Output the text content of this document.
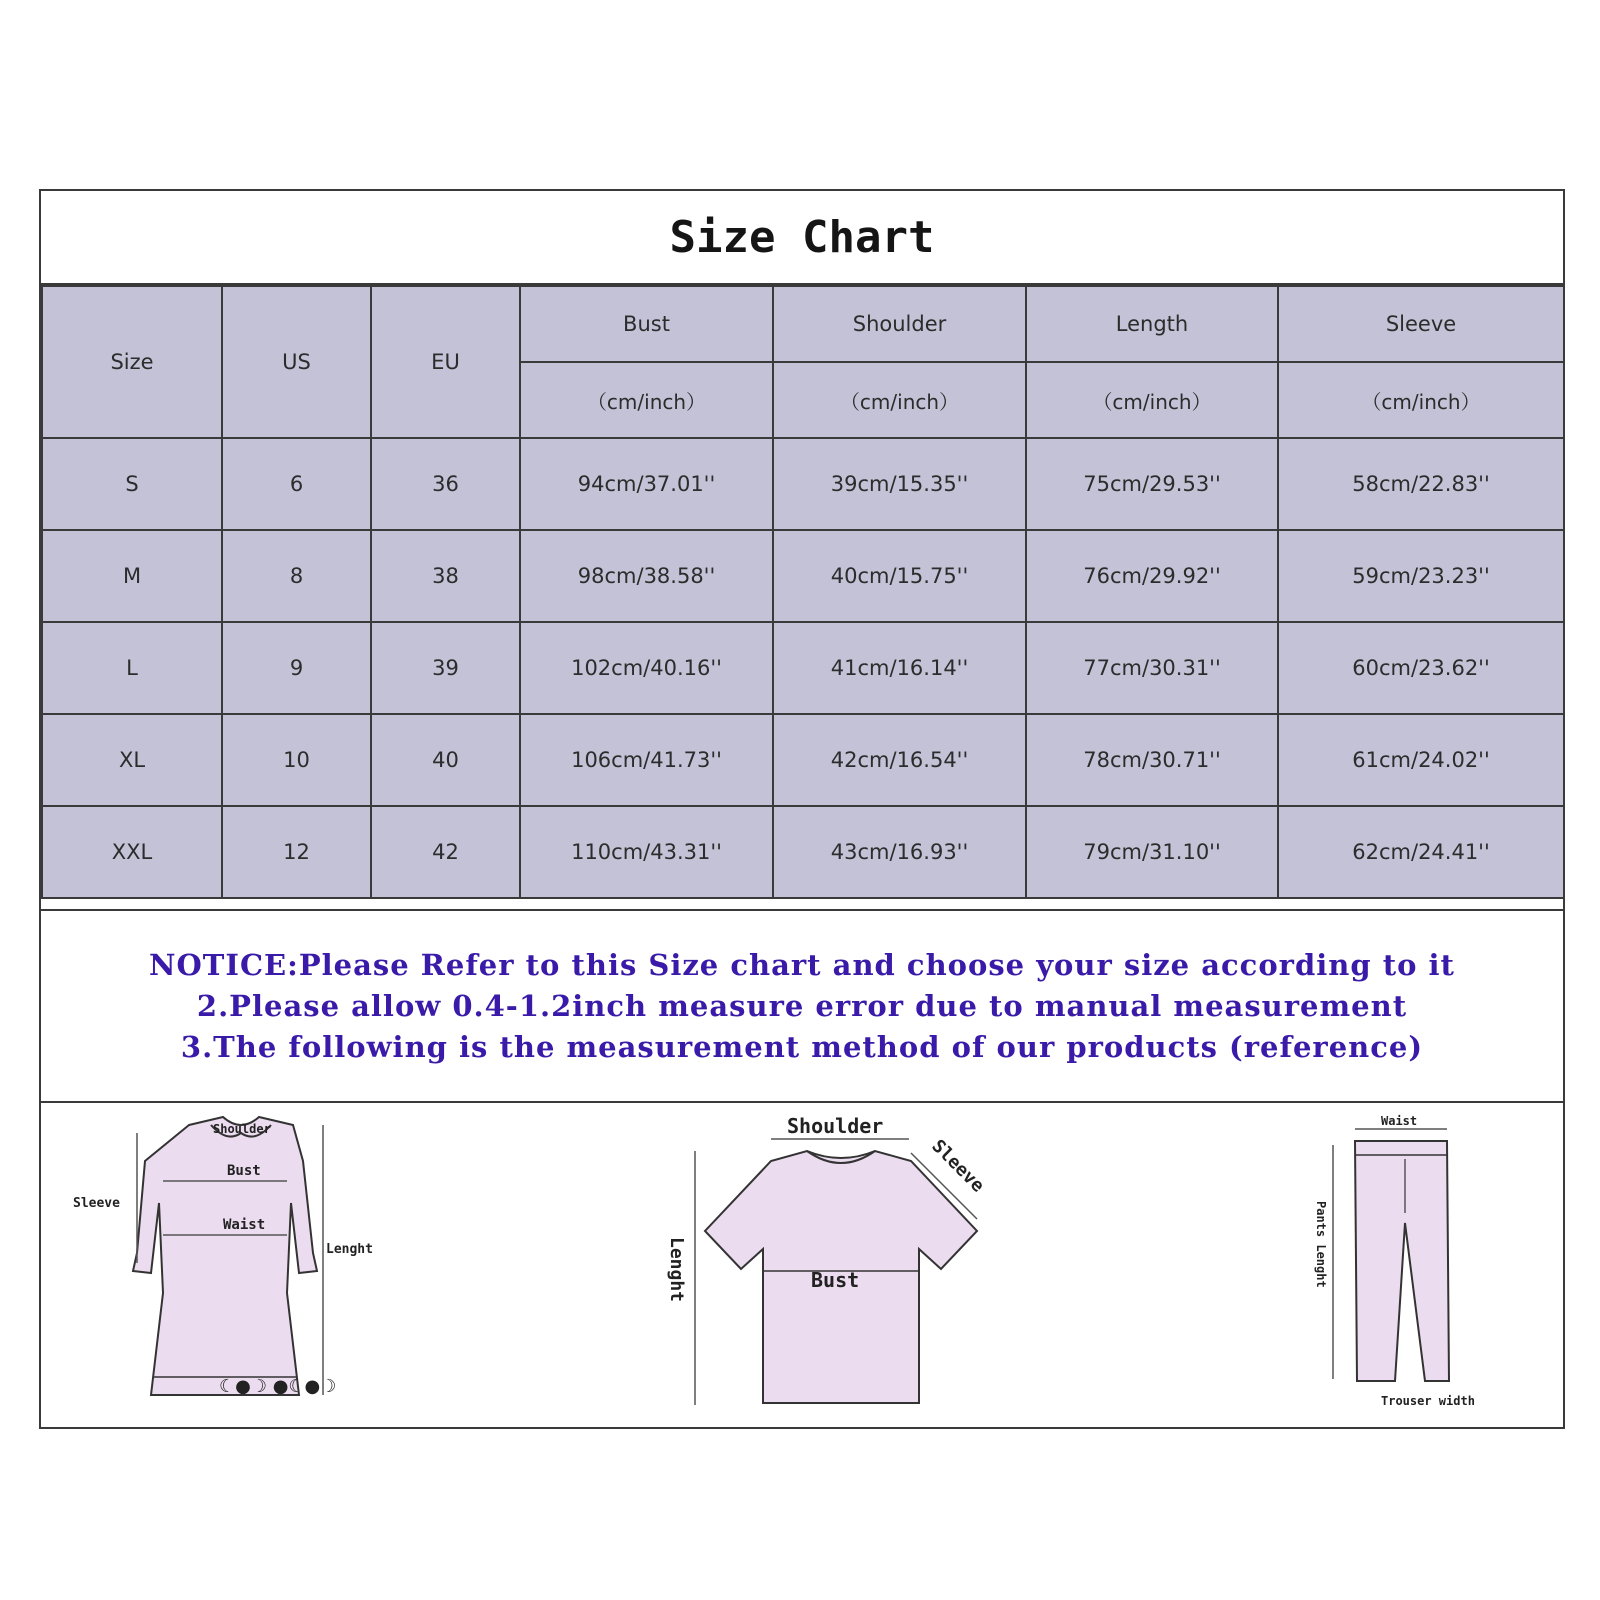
Size Chart
Size	US	EU	Bust	Shoulder	Length	Sleeve
			（cm/inch）	（cm/inch）	（cm/inch）	（cm/inch）
S	6	36	94cm/37.01''	39cm/15.35''	75cm/29.53''	58cm/22.83''
M	8	38	98cm/38.58''	40cm/15.75''	76cm/29.92''	59cm/23.23''
L	9	39	102cm/40.16''	41cm/16.14''	77cm/30.31''	60cm/23.62''
XL	10	40	106cm/41.73''	42cm/16.54''	78cm/30.71''	61cm/24.02''
XXL	12	42	110cm/43.31''	43cm/16.93''	79cm/31.10''	62cm/24.41''
NOTICE:Please Refer to this Size chart and choose your size according to it
2.Please allow 0.4-1.2inch measure error due to manual measurement
3.The following is the measurement method of our products (reference)
☾●☽ ●☾●☽
Shoulder
Bust
Waist
Sleeve
Lenght
Shoulder
Sleeve
Bust
Lenght
Waist
Pants Lenght
Trouser width
